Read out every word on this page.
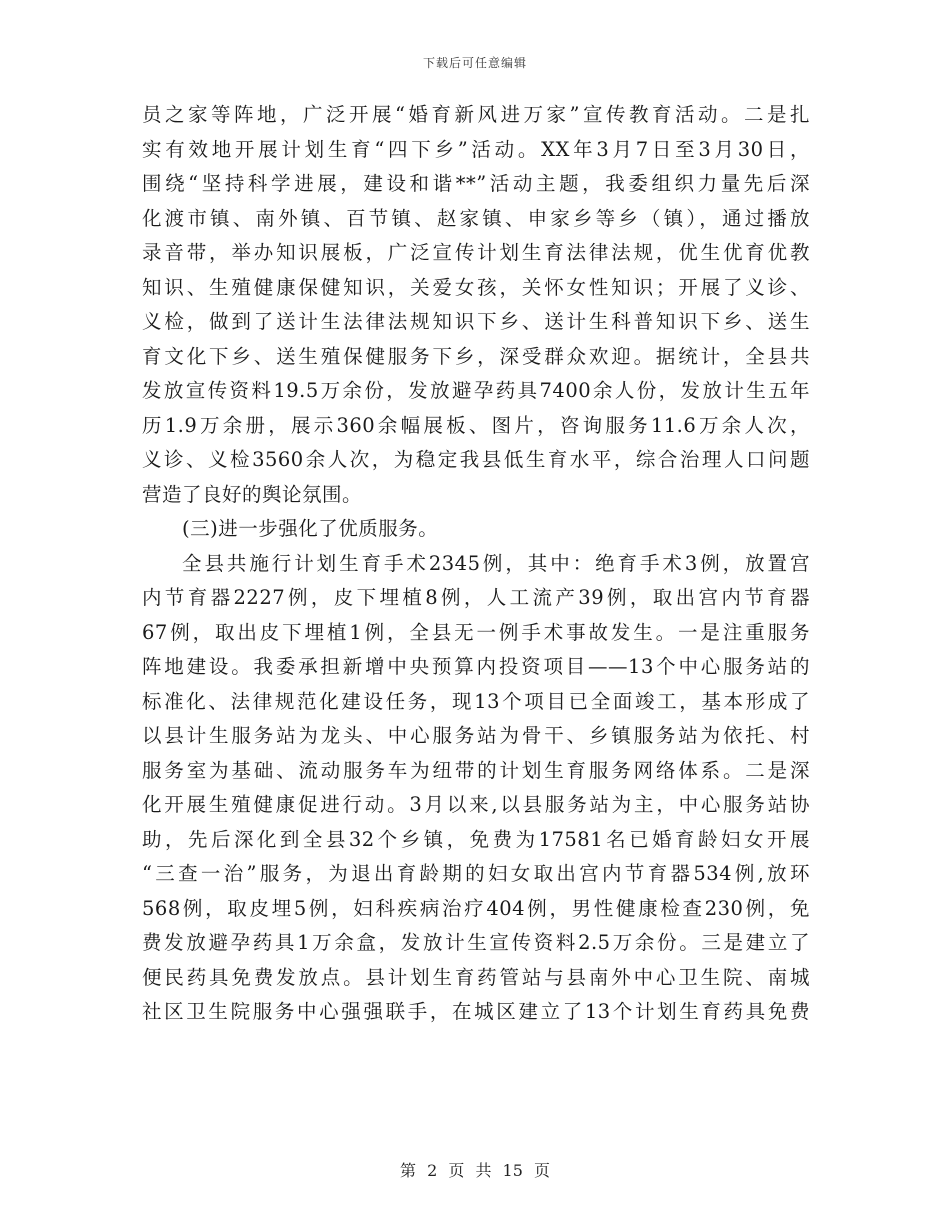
下载后可任意编辑
员之家等阵地，广泛开展“婚育新风进万家”宣传教育活动。二是扎
实有效地开展计划生育“四下乡”活动。XX年3月7日至3月30日，
围绕“坚持科学进展，建设和谐**”活动主题，我委组织力量先后深
化渡市镇、南外镇、百节镇、赵家镇、申家乡等乡（镇），通过播放
录音带，举办知识展板，广泛宣传计划生育法律法规，优生优育优教
知识、生殖健康保健知识，关爱女孩，关怀女性知识；开展了义诊、
义检，做到了送计生法律法规知识下乡、送计生科普知识下乡、送生
育文化下乡、送生殖保健服务下乡，深受群众欢迎。据统计，全县共
发放宣传资料19.5万余份，发放避孕药具7400余人份，发放计生五年
历1.9万余册，展示360余幅展板、图片，咨询服务11.6万余人次，
义诊、义检3560余人次，为稳定我县低生育水平，综合治理人口问题
营造了良好的舆论氛围。
(三)进一步强化了优质服务。
全县共施行计划生育手术2345例，其中：绝育手术3例，放置宫
内节育器2227例，皮下埋植8例，人工流产39例，取出宫内节育器
67例，取出皮下埋植1例，全县无一例手术事故发生。一是注重服务
阵地建设。我委承担新增中央预算内投资项目——13个中心服务站的
标准化、法律规范化建设任务，现13个项目已全面竣工，基本形成了
以县计生服务站为龙头、中心服务站为骨干、乡镇服务站为依托、村
服务室为基础、流动服务车为纽带的计划生育服务网络体系。二是深
化开展生殖健康促进行动。3月以来,以县服务站为主，中心服务站协
助，先后深化到全县32个乡镇，免费为17581名已婚育龄妇女开展
“三查一治”服务，为退出育龄期的妇女取出宫内节育器534例,放环
568例，取皮埋5例，妇科疾病治疗404例，男性健康检查230例，免
费发放避孕药具1万余盒，发放计生宣传资料2.5万余份。三是建立了
便民药具免费发放点。县计划生育药管站与县南外中心卫生院、南城
社区卫生院服务中心强强联手，在城区建立了13个计划生育药具免费
第 2 页 共 15 页
